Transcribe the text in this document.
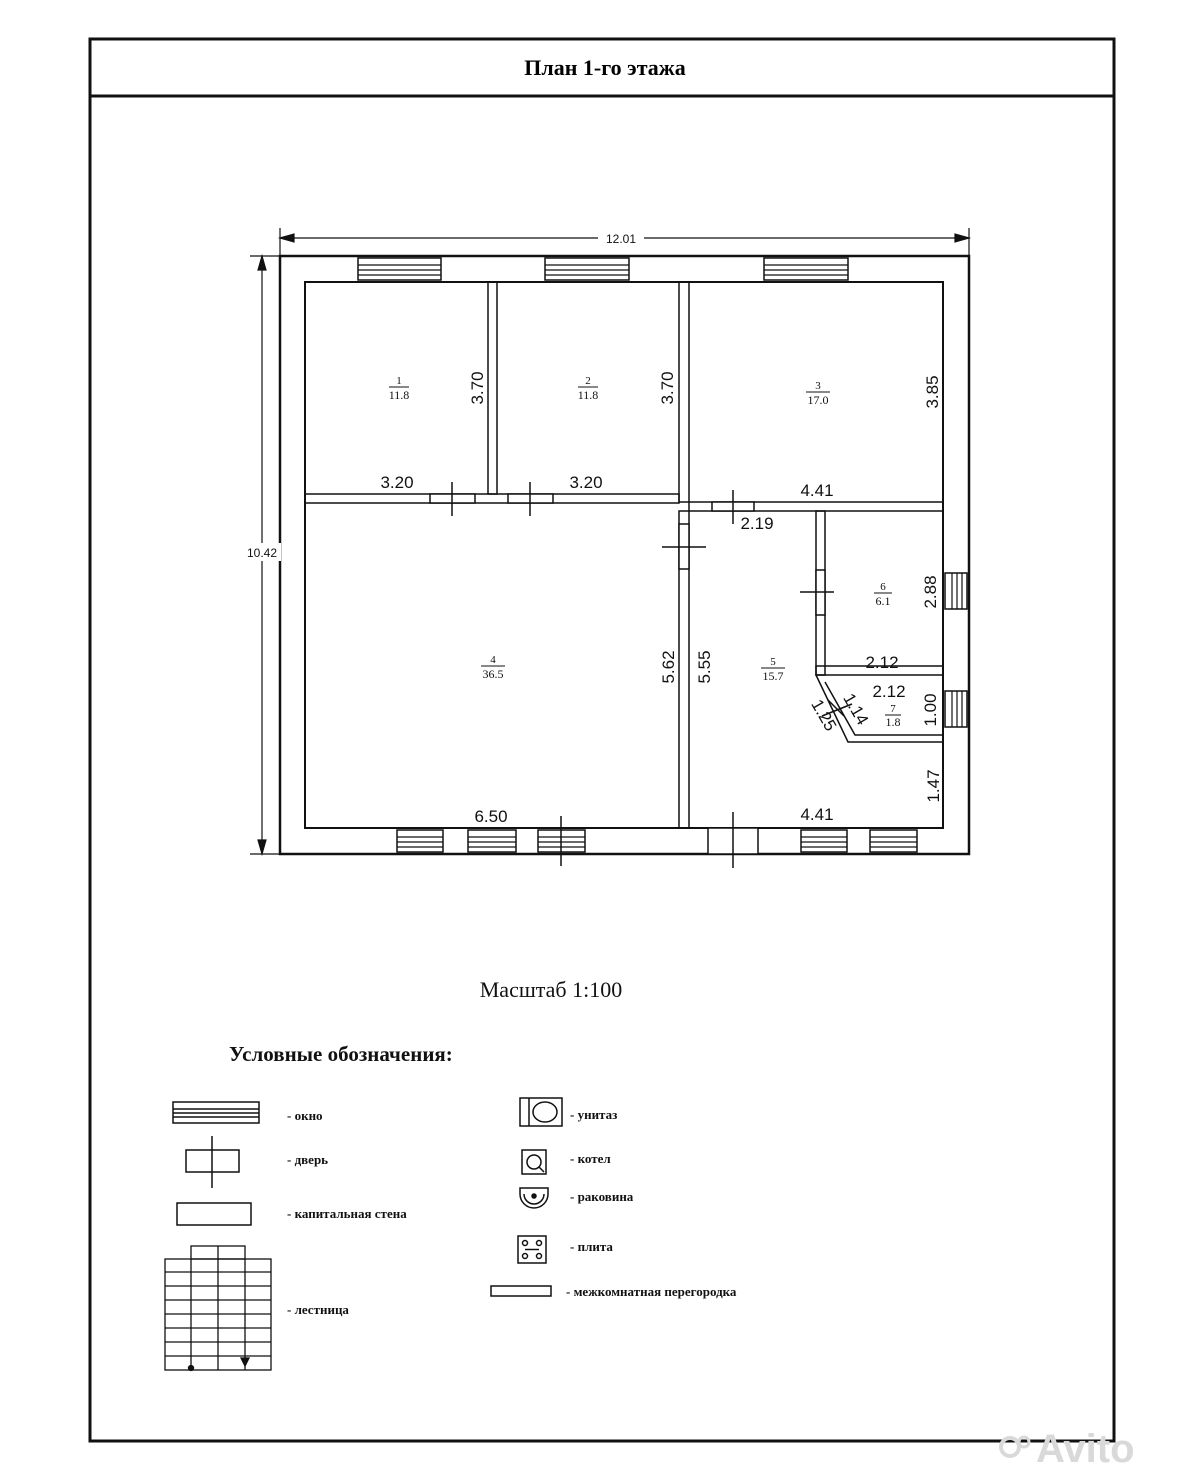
План 1-го этажа
12.01
10.42
3.70
3.20
3.70
3.20
3.85
4.41
2.19
5.62
6.50
5.55
4.41
2.88
2.12
2.12
1.00
1.14
1.25
1.47
1
11.8
2
11.8
3
17.0
4
36.5
5
15.7
6
6.1
7
1.8
Масштаб 1:100
Условные обозначения:
- окно
- дверь
- капитальная стена
- лестница
- унитаз
- котел
- раковина
- плита
- межкомнатная перегородка
Avito
